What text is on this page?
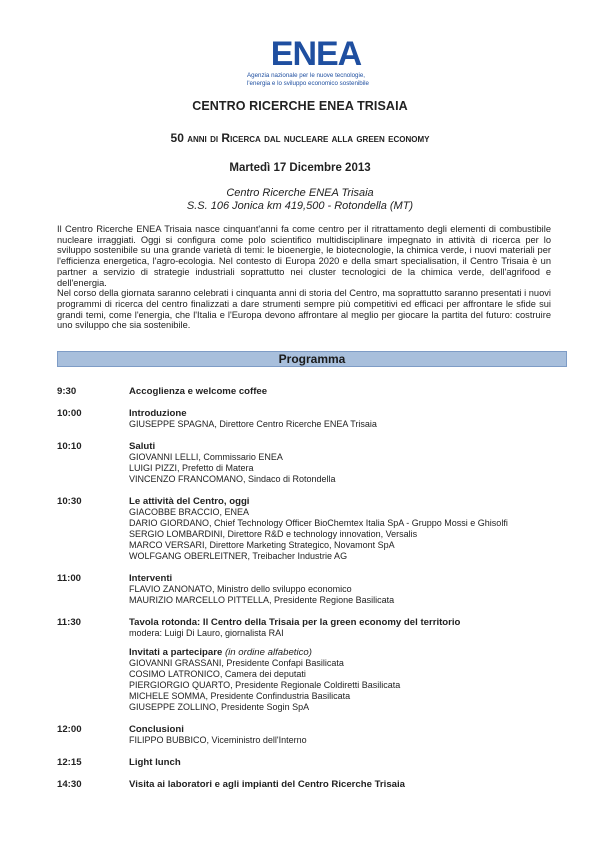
ENEA
Agenzia nazionale per le nuove tecnologie,
l'energia e lo sviluppo economico sostenibile
CENTRO RICERCHE ENEA TRISAIA
50 anni di Ricerca dal nucleare alla green economy
Martedì 17 Dicembre 2013
Centro Ricerche ENEA Trisaia
S.S. 106 Jonica km 419,500 - Rotondella (MT)

Il Centro Ricerche ENEA Trisaia nasce cinquant'anni fa come centro per il ritrattamento degli elementi di combustibile nucleare irraggiati. Oggi si configura come polo scientifico multidisciplinare impegnato in attività di ricerca per lo sviluppo sostenibile su una grande varietà di temi: le bioenergie, le biotecnologie, la chimica verde, i nuovi materiali per l'efficienza energetica, l'agro-ecologia. Nel contesto di Europa 2020 e della smart specialisation, il Centro Trisaia è un partner a servizio di strategie industriali soprattutto nei cluster tecnologici de la chimica verde, dell'agrifood e dell'energia.

Nel corso della giornata saranno celebrati i cinquanta anni di storia del Centro, ma soprattutto saranno presentati i nuovi programmi di ricerca del centro finalizzati a dare strumenti sempre più competitivi ed efficaci per affrontare le sfide sui grandi temi, come l'energia, che l'Italia e l'Europa devono affrontare al meglio per giocare la partita del futuro: costruire uno sviluppo che sia sostenibile.

Programma
9:30	Accoglienza e welcome coffee
10:00	Introduzione
GIUSEPPE SPAGNA, Direttore Centro Ricerche ENEA Trisaia
10:10	Saluti
GIOVANNI LELLI, Commissario ENEA
LUIGI PIZZI, Prefetto di Matera
VINCENZO FRANCOMANO, Sindaco di Rotondella
10:30	Le attività del Centro, oggi
GIACOBBE BRACCIO, ENEA
DARIO GIORDANO, Chief Technology Officer BioChemtex Italia SpA - Gruppo Mossi e Ghisolfi
SERGIO LOMBARDINI, Direttore R&D e technology innovation, Versalis
MARCO VERSARI, Direttore Marketing Strategico, Novamont SpA
WOLFGANG OBERLEITNER, Treibacher Industrie AG
11:00	Interventi
FLAVIO ZANONATO, Ministro dello sviluppo economico
MAURIZIO MARCELLO PITTELLA, Presidente Regione Basilicata
11:30	Tavola rotonda: Il Centro della Trisaia per la green economy del territorio
modera: Luigi Di Lauro, giornalista RAI
Invitati a partecipare (in ordine alfabetico)
GIOVANNI GRASSANI, Presidente Confapi Basilicata
COSIMO LATRONICO, Camera dei deputati
PIERGIORGIO QUARTO, Presidente Regionale Coldiretti Basilicata
MICHELE SOMMA, Presidente Confindustria Basilicata
GIUSEPPE ZOLLINO, Presidente Sogin SpA
12:00	Conclusioni
FILIPPO BUBBICO, Viceministro dell'Interno
12:15	Light lunch
14:30	Visita ai laboratori e agli impianti del Centro Ricerche Trisaia
